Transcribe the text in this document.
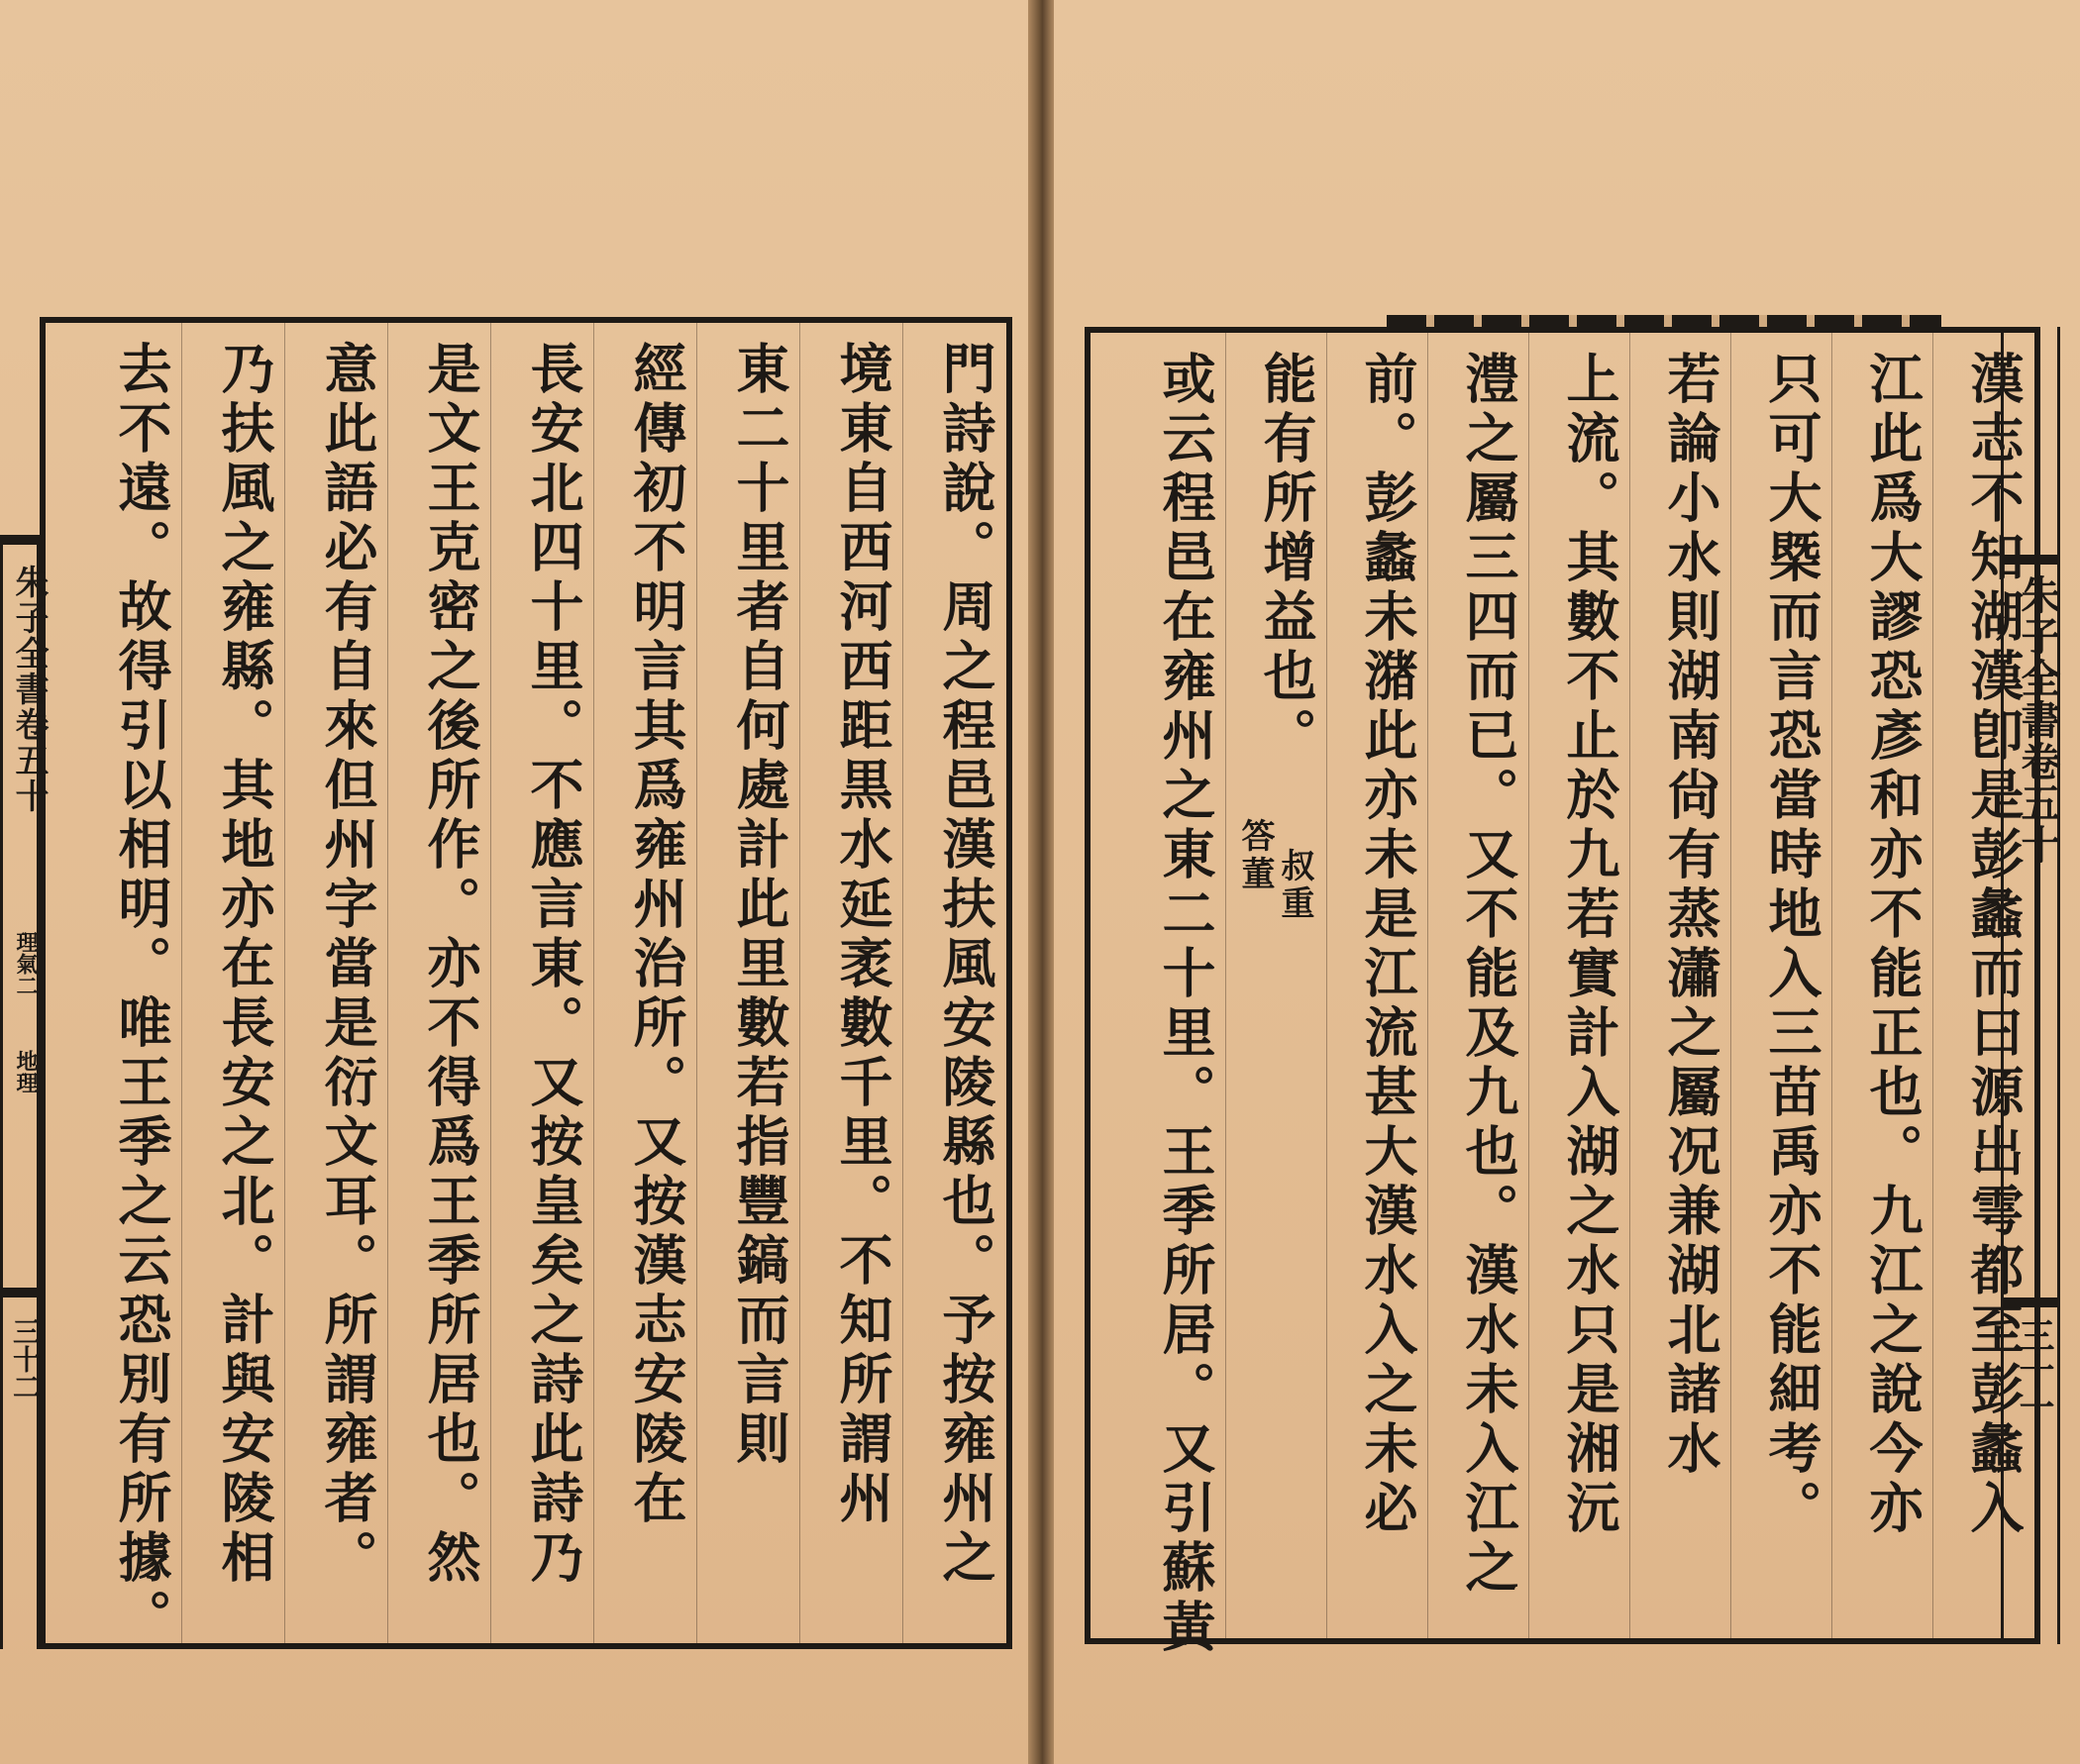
門詩說。周之程邑漢扶風安陵縣也。予按雍州之
境東自西河西距黒水延袤數千里。不知所謂州
東二十里者自何處計此里數若指豐鎬而言則
經傳初不明言其爲雍州治所。又按漢志安陵在
長安北四十里。不應言東。又按皇矣之詩此詩乃
是文王克密之後所作。亦不得爲王季所居也。然
意此語必有自來但州字當是衍文耳。所謂雍者。
乃扶風之雍縣。其地亦在長安之北。計與安陵相
去不遠。故得引以相明。唯王季之云恐別有所據。
朱子全書卷五十
理氣二
地理
三十二	漢志不知湖漢卽是彭蠡而曰源出雩都至彭蠡入
江此爲大謬恐彥和亦不能正也。九江之說今亦
只可大槩而言恐當時地入三苗禹亦不能細考。
若論小水則湖南尙有蒸瀟之屬况兼湖北諸水
上流。其數不止於九若實計入湖之水只是湘沅
澧之屬三四而已。又不能及九也。漢水未入江之
前。彭蠡未潴此亦未是江流甚大漢水入之未必
能有所增益也。
答董 叔重
或云程邑在雍州之東二十里。王季所居。又引蘇黃	朱子全書卷五十
三十一
